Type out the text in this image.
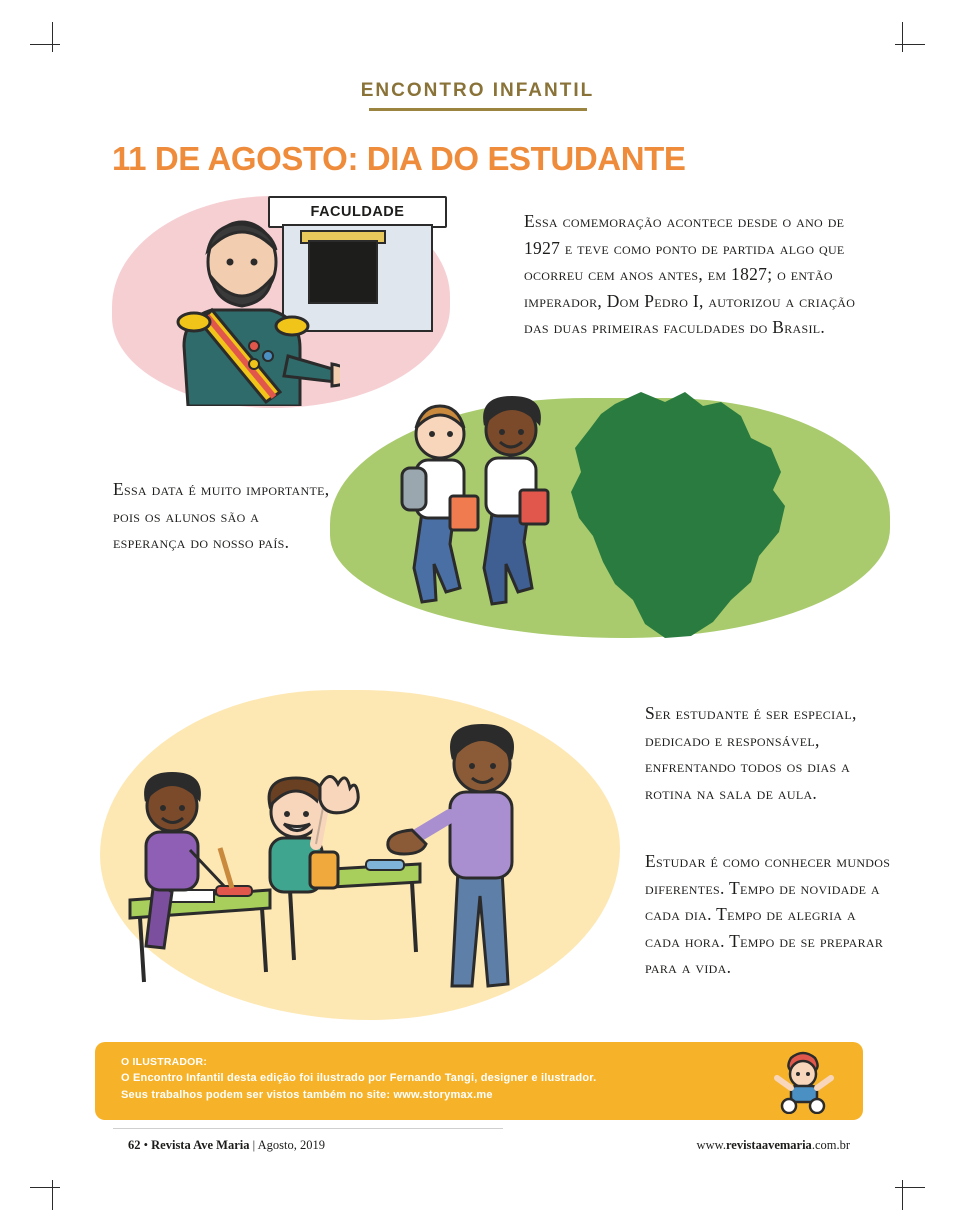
ENCONTRO INFANTIL
11 DE AGOSTO: DIA DO ESTUDANTE
FACULDADE	Essa comemoração acontece desde o ano de 1927 e teve como ponto de partida algo que ocorreu cem anos antes, em 1827; o então imperador, Dom Pedro I, autorizou a criação das duas primeiras faculdades do Brasil.
Essa data é muito importante, pois os alunos são a esperança do nosso país.
Ser estudante é ser especial, dedicado e responsável, enfrentando todos os dias a rotina na sala de aula.
Estudar é como conhecer mundos diferentes. Tempo de novidade a cada dia. Tempo de alegria a cada hora. Tempo de se preparar para a vida.
O ILUSTRADOR:
O Encontro Infantil desta edição foi ilustrado por Fernando Tangi, designer e ilustrador.
Seus trabalhos podem ser vistos também no site: www.storymax.me
62 • Revista Ave Maria | Agosto, 2019	www.revistaavemaria.com.br
